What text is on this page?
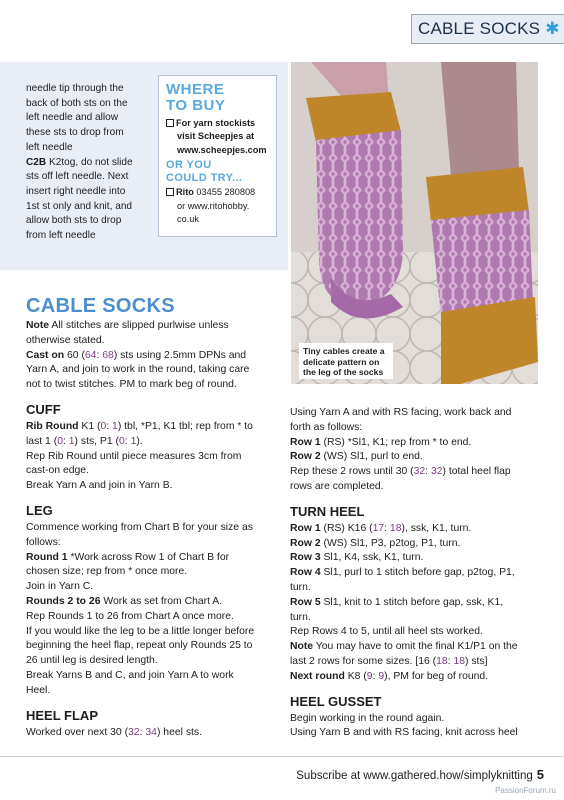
CABLE SOCKS ✱
needle tip through the
back of both sts on the
left needle and allow
these sts to drop from
left needle
C2B K2tog, do not slide
sts off left needle. Next
insert right needle into
1st st only and knit, and
allow both sts to drop
from left needle
WHERE
TO BUY
For yarn stockists
visit Scheepjes at
www.scheepjes.com
OR YOU
COULD TRY...
Rito 03455 280808
or www.ritohobby.
co.uk
Tiny cables create a
delicate pattern on
the leg of the socks
CABLE SOCKS

Note All stitches are slipped purlwise unless

otherwise stated.

Cast on 60 (64: 68) sts using 2.5mm DPNs and

Yarn A, and join to work in the round, taking care

not to twist stitches. PM to mark beg of round.

CUFF

Rib Round K1 (0: 1) tbl, *P1, K1 tbl; rep from * to

last 1 (0: 1) sts, P1 (0: 1).

Rep Rib Round until piece measures 3cm from

cast-on edge.

Break Yarn A and join in Yarn B.

LEG

Commence working from Chart B for your size as

follows:

Round 1 *Work across Row 1 of Chart B for

chosen size; rep from * once more.

Join in Yarn C.

Rounds 2 to 26 Work as set from Chart A.

Rep Rounds 1 to 26 from Chart A once more.

If you would like the leg to be a little longer before

beginning the heel flap, repeat only Rounds 25 to

26 until leg is desired length.

Break Yarns B and C, and join Yarn A to work

Heel.

HEEL FLAP

Worked over next 30 (32: 34) heel sts.

Using Yarn A and with RS facing, work back and

forth as follows:

Row 1 (RS) *Sl1, K1; rep from * to end.

Row 2 (WS) Sl1, purl to end.

Rep these 2 rows until 30 (32: 32) total heel flap

rows are completed.

TURN HEEL

Row 1 (RS) K16 (17: 18), ssk, K1, turn.

Row 2 (WS) Sl1, P3, p2tog, P1, turn.

Row 3 Sl1, K4, ssk, K1, turn.

Row 4 Sl1, purl to 1 stitch before gap, p2tog, P1,

turn.

Row 5 Sl1, knit to 1 stitch before gap, ssk, K1,

turn.

Rep Rows 4 to 5, until all heel sts worked.

Note You may have to omit the final K1/P1 on the

last 2 rows for some sizes. [16 (18: 18) sts]

Next round K8 (9: 9), PM for beg of round.

HEEL GUSSET

Begin working in the round again.

Using Yarn B and with RS facing, knit across heel

Subscribe at www.gathered.how/simplyknitting 5
PassionForum.ru
